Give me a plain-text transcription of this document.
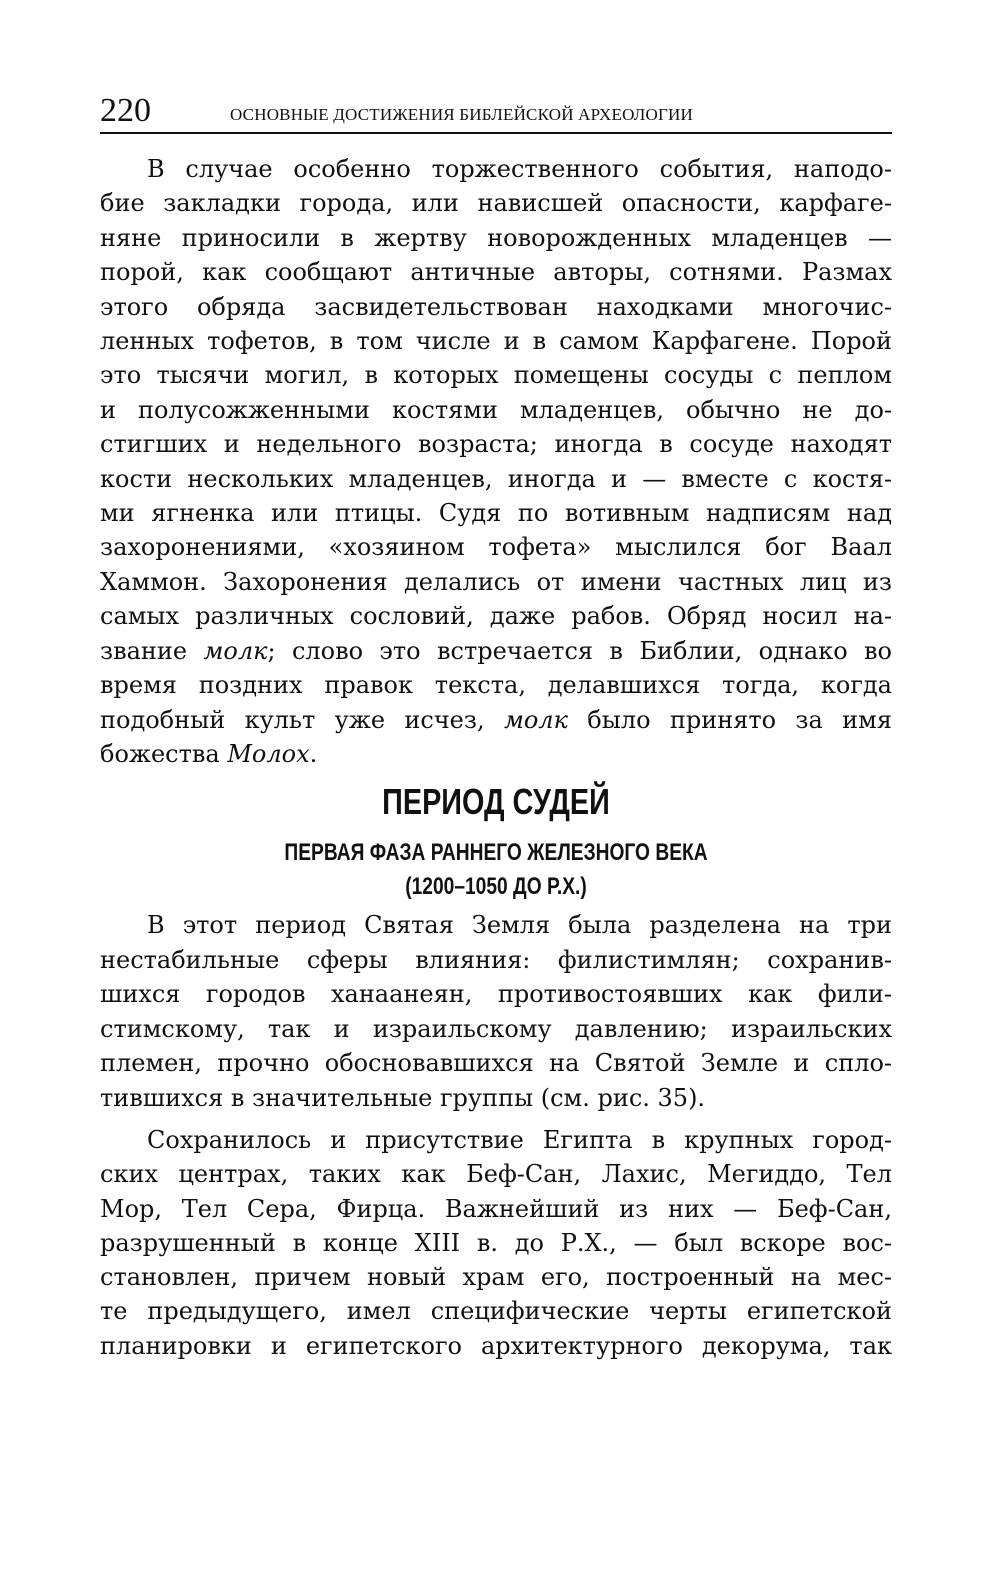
220	ОСНОВНЫЕ ДОСТИЖЕНИЯ БИБЛЕЙСКОЙ АРХЕОЛОГИИ
В случае особенно торжественного события, наподо-
бие закладки города, или нависшей опасности, карфаге-
няне приносили в жертву новорожденных младенцев —
порой, как сообщают античные авторы, сотнями. Размах
этого обряда засвидетельствован находками многочис-
ленных тофетов, в том числе и в самом Карфагене. Порой
это тысячи могил, в которых помещены сосуды с пеплом
и полусожженными костями младенцев, обычно не до-
стигших и недельного возраста; иногда в сосуде находят
кости нескольких младенцев, иногда и — вместе с костя-
ми ягненка или птицы. Судя по вотивным надписям над
захоронениями, «хозяином тофета» мыслился бог Ваал
Хаммон. Захоронения делались от имени частных лиц из
самых различных сословий, даже рабов. Обряд носил на-
звание молк; слово это встречается в Библии, однако во
время поздних правок текста, делавшихся тогда, когда
подобный культ уже исчез, молк было принято за имя
божества Молох.
ПЕРИОД СУДЕЙ
ПЕРВАЯ ФАЗА РАННЕГО ЖЕЛЕЗНОГО ВЕКА
(1200–1050 ДО Р.Х.)
В этот период Святая Земля была разделена на три
нестабильные сферы влияния: филистимлян; сохранив-
шихся городов ханаанеян, противостоявших как фили-
стимскому, так и израильскому давлению; израильских
племен, прочно обосновавшихся на Святой Земле и спло-
тившихся в значительные группы (см. рис. 35).
Сохранилось и присутствие Египта в крупных город-
ских центрах, таких как Беф-Сан, Лахис, Мегиддо, Тел
Мор, Тел Сера, Фирца. Важнейший из них — Беф-Сан,
разрушенный в конце XIII в. до Р.Х., — был вскоре вос-
становлен, причем новый храм его, построенный на мес-
те предыдущего, имел специфические черты египетской
планировки и египетского архитектурного декорума, так
